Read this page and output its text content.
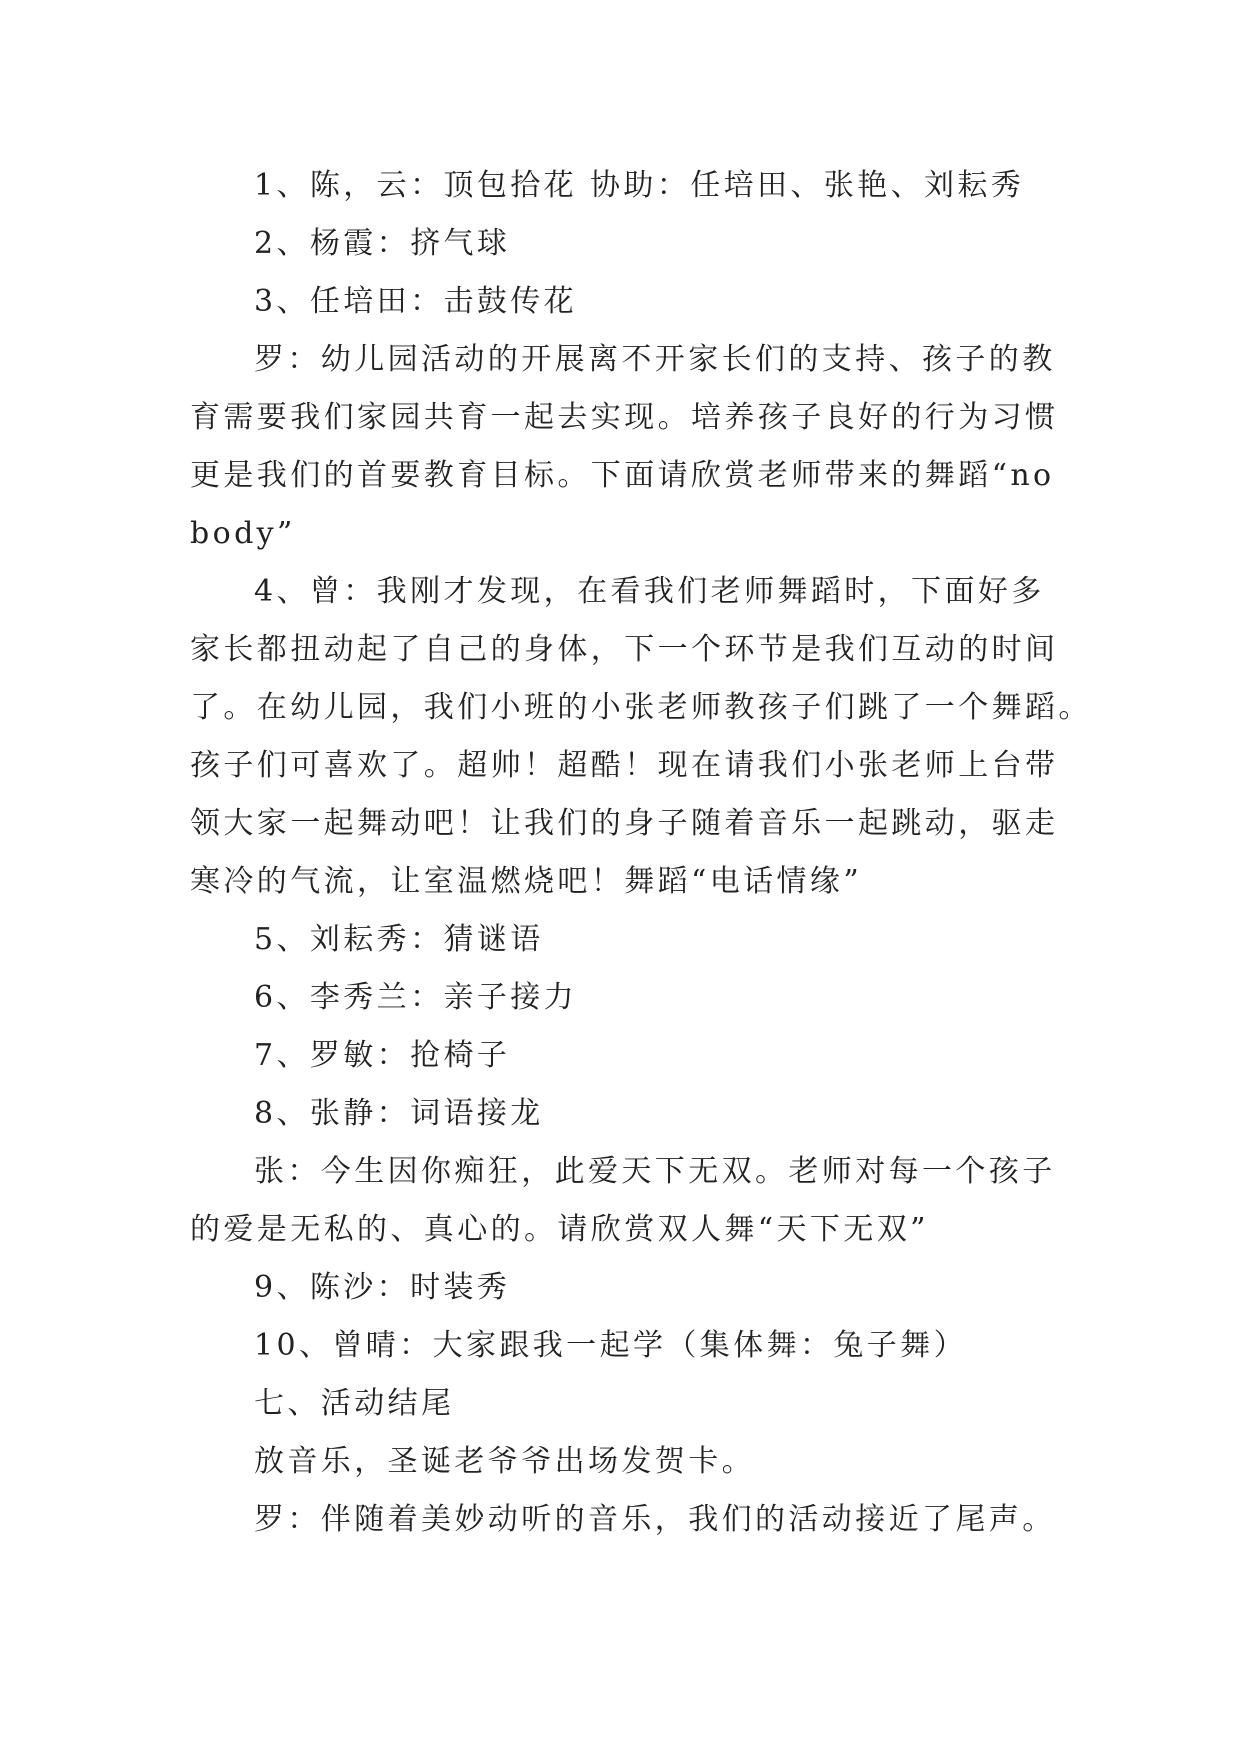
1、陈，云：顶包拾花 协助：任培田、张艳、刘耘秀

2、杨霞：挤气球

3、任培田：击鼓传花

罗：幼儿园活动的开展离不开家长们的支持、孩子的教

育需要我们家园共育一起去实现。培养孩子良好的行为习惯

更是我们的首要教育目标。下面请欣赏老师带来的舞蹈“no

body”

4、曾：我刚才发现，在看我们老师舞蹈时，下面好多

家长都扭动起了自己的身体，下一个环节是我们互动的时间

了。在幼儿园，我们小班的小张老师教孩子们跳了一个舞蹈。

孩子们可喜欢了。超帅！超酷！现在请我们小张老师上台带

领大家一起舞动吧！让我们的身子随着音乐一起跳动，驱走

寒冷的气流，让室温燃烧吧！舞蹈“电话情缘”

5、刘耘秀：猜谜语

6、李秀兰：亲子接力

7、罗敏：抢椅子

8、张静：词语接龙

张：今生因你痴狂，此爱天下无双。老师对每一个孩子

的爱是无私的、真心的。请欣赏双人舞“天下无双”

9、陈沙：时装秀

10、曾晴：大家跟我一起学（集体舞：兔子舞）

七、活动结尾

放音乐，圣诞老爷爷出场发贺卡。

罗：伴随着美妙动听的音乐，我们的活动接近了尾声。
